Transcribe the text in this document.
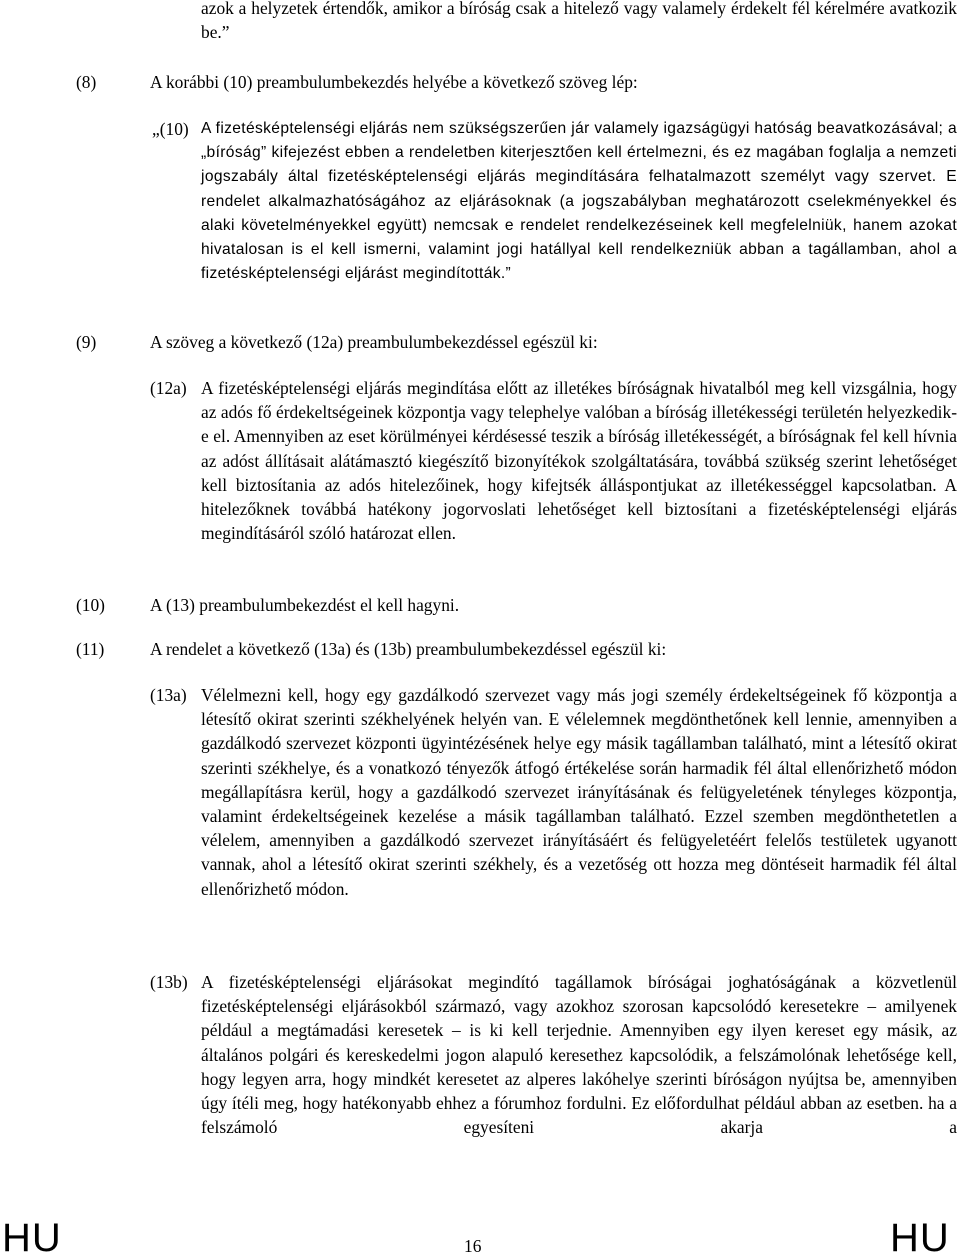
azok a helyzetek értendők, amikor a bíróság csak a hitelező vagy valamely érdekelt fél kérelmére avatkozik be.”

(8)	A korábbi (10) preambulumbekezdés helyébe a következő szöveg lép:
„(10) A fizetésképtelenségi eljárás nem szükségszerűen jár valamely igazságügyi hatóság beavatkozásával; a „bíróság” kifejezést ebben a rendeletben kiterjesztően kell értelmezni, és ez magában foglalja a nemzeti jogszabály által fizetésképtelenségi eljárás megindítására felhatalmazott személyt vagy szervet. E rendelet alkalmazhatóságához az eljárásoknak (a jogszabályban meghatározott cselekményekkel és alaki követelményekkel együtt) nemcsak e rendelet rendelkezéseinek kell megfelelniük, hanem azokat hivatalosan is el kell ismerni, valamint jogi hatállyal kell rendelkezniük abban a tagállamban, ahol a fizetésképtelenségi eljárást megindították.”
(9)	A szöveg a következő (12a) preambulumbekezdéssel egészül ki:
(12a) A fizetésképtelenségi eljárás megindítása előtt az illetékes bíróságnak hivatalból meg kell vizsgálnia, hogy az adós fő érdekeltségeinek központja vagy telephelye valóban a bíróság illetékességi területén helyezkedik-e el. Amennyiben az eset körülményei kérdésessé teszik a bíróság illetékességét, a bíróságnak fel kell hívnia az adóst állításait alátámasztó kiegészítő bizonyítékok szolgáltatására, továbbá szükség szerint lehetőséget kell biztosítania az adós hitelezőinek, hogy kifejtsék álláspontjukat az illetékességgel kapcsolatban. A hitelezőknek továbbá hatékony jogorvoslati lehetőséget kell biztosítani a fizetésképtelenségi eljárás megindításáról szóló határozat ellen.
(10)	A (13) preambulumbekezdést el kell hagyni.
(11)	A rendelet a következő (13a) és (13b) preambulumbekezdéssel egészül ki:
(13a) Vélelmezni kell, hogy egy gazdálkodó szervezet vagy más jogi személy érdekeltségeinek fő központja a létesítő okirat szerinti székhelyének helyén van. E vélelemnek megdönthetőnek kell lennie, amennyiben a gazdálkodó szervezet központi ügyintézésének helye egy másik tagállamban található, mint a létesítő okirat szerinti székhelye, és a vonatkozó tényezők átfogó értékelése során harmadik fél által ellenőrizhető módon megállapításra kerül, hogy a gazdálkodó szervezet irányításának és felügyeletének tényleges központja, valamint érdekeltségeinek kezelése a másik tagállamban található. Ezzel szemben megdönthetetlen a vélelem, amennyiben a gazdálkodó szervezet irányításáért és felügyeletéért felelős testületek ugyanott vannak, ahol a létesítő okirat szerinti székhely, és a vezetőség ott hozza meg döntéseit harmadik fél által ellenőrizhető módon.
(13b) A fizetésképtelenségi eljárásokat megindító tagállamok bíróságai joghatóságának a közvetlenül fizetésképtelenségi eljárásokból származó, vagy azokhoz szorosan kapcsolódó keresetekre – amilyenek például a megtámadási keresetek – is ki kell terjednie. Amennyiben egy ilyen kereset egy másik, az általános polgári és kereskedelmi jogon alapuló keresethez kapcsolódik, a felszámolónak lehetősége kell, hogy legyen arra, hogy mindkét keresetet az alperes lakóhelye szerinti bíróságon nyújtsa be, amennyiben úgy ítéli meg, hogy hatékonyabb ehhez a fórumhoz fordulni. Ez előfordulhat például abban az esetben. ha a felszámoló egyesíteni akarja a
HU	16	HU
